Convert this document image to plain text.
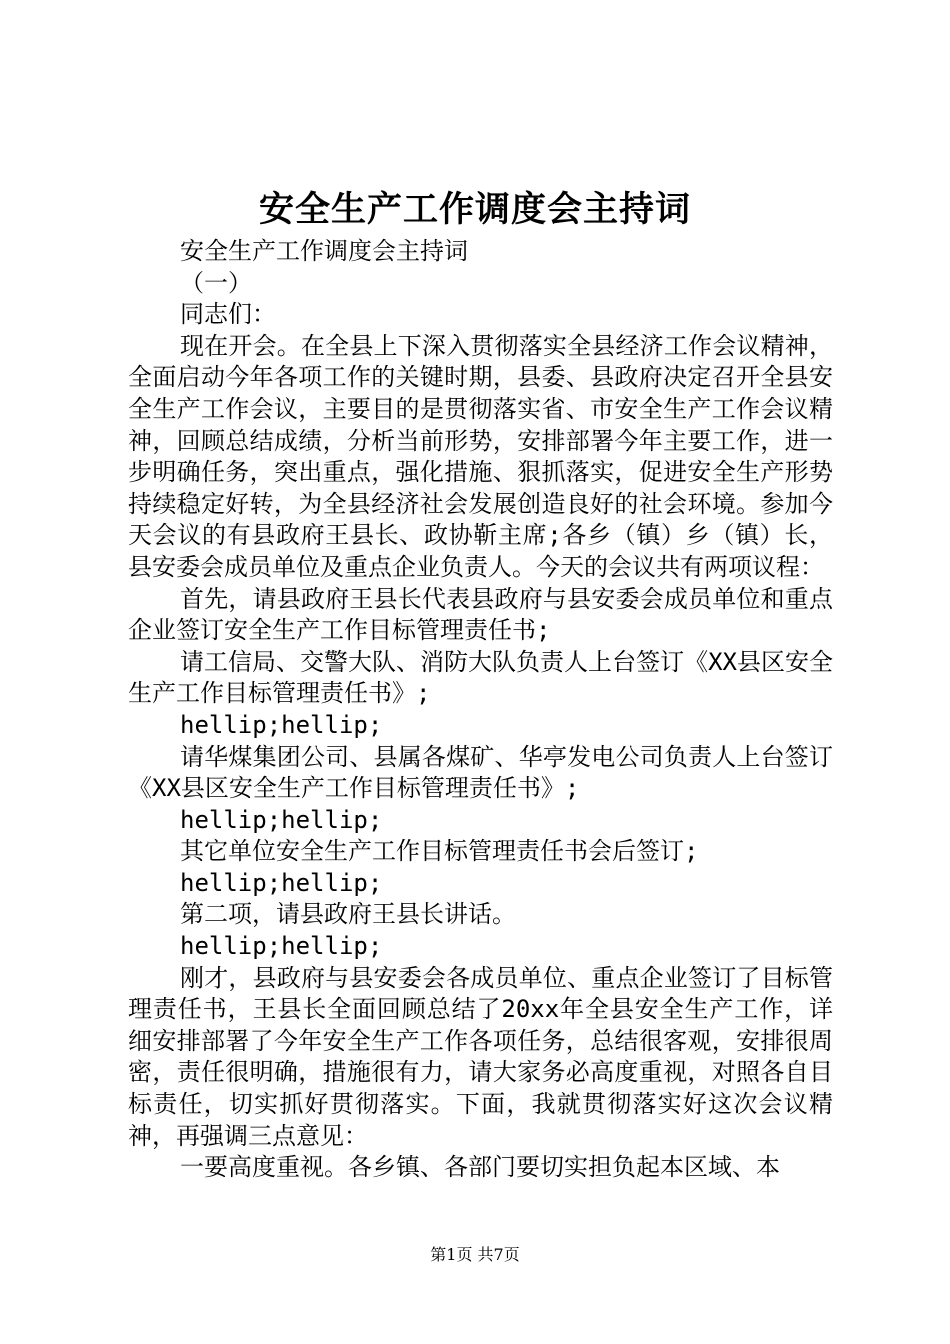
安全生产工作调度会主持词

安全生产工作调度会主持词

（一）

同志们：

现在开会。在全县上下深入贯彻落实全县经济工作会议精神，全面启动今年各项工作的关键时期，县委、县政府决定召开全县安全生产工作会议，主要目的是贯彻落实省、市安全生产工作会议精神，回顾总结成绩，分析当前形势，安排部署今年主要工作，进一步明确任务，突出重点，强化措施、狠抓落实，促进安全生产形势持续稳定好转，为全县经济社会发展创造良好的社会环境。参加今天会议的有县政府王县长、政协靳主席;各乡（镇）乡（镇）长，县安委会成员单位及重点企业负责人。今天的会议共有两项议程：

首先，请县政府王县长代表县政府与县安委会成员单位和重点企业签订安全生产工作目标管理责任书;

请工信局、交警大队、消防大队负责人上台签订《XX县区安全生产工作目标管理责任书》;

hellip;hellip;

请华煤集团公司、县属各煤矿、华亭发电公司负责人上台签订《XX县区安全生产工作目标管理责任书》;

hellip;hellip;

其它单位安全生产工作目标管理责任书会后签订;

hellip;hellip;

第二项，请县政府王县长讲话。

hellip;hellip;

刚才，县政府与县安委会各成员单位、重点企业签订了目标管理责任书，王县长全面回顾总结了20xx年全县安全生产工作，详细安排部署了今年安全生产工作各项任务，总结很客观，安排很周密，责任很明确，措施很有力，请大家务必高度重视，对照各自目标责任，切实抓好贯彻落实。下面，我就贯彻落实好这次会议精神，再强调三点意见：

一要高度重视。各乡镇、各部门要切实担负起本区域、本

第1页 共7页
